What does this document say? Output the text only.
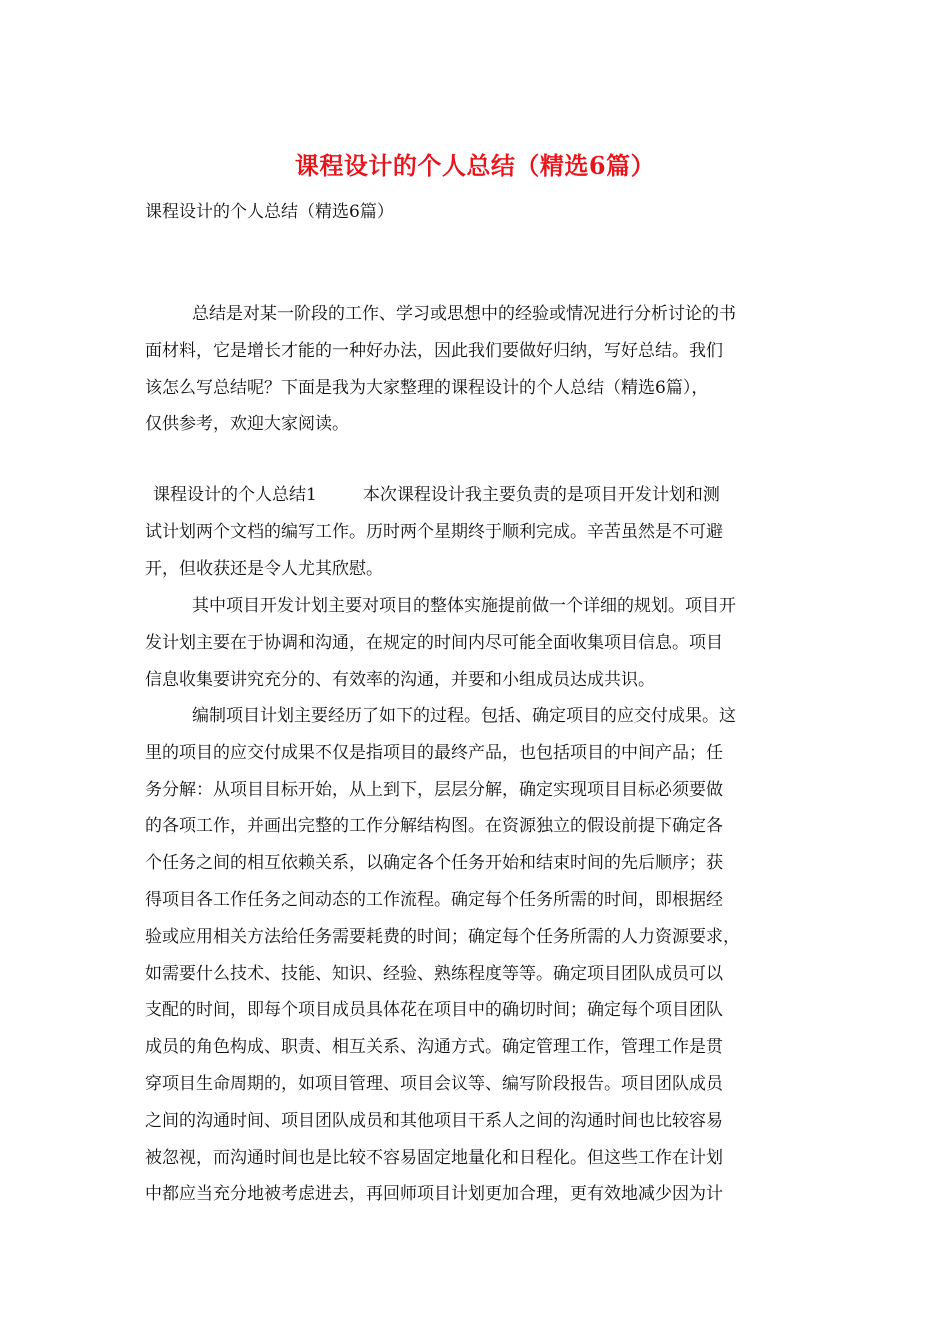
课程设计的个人总结（精选6篇）
课程设计的个人总结（精选6篇）
总结是对某一阶段的工作、学习或思想中的经验或情况进行分析讨论的书
面材料，它是增长才能的一种好办法，因此我们要做好归纳，写好总结。我们
该怎么写总结呢？下面是我为大家整理的课程设计的个人总结（精选6篇），
仅供参考，欢迎大家阅读。
课程设计的个人总结1	本次课程设计我主要负责的是项目开发计划和测
试计划两个文档的编写工作。历时两个星期终于顺利完成。辛苦虽然是不可避
开，但收获还是令人尤其欣慰。
其中项目开发计划主要对项目的整体实施提前做一个详细的规划。项目开
发计划主要在于协调和沟通，在规定的时间内尽可能全面收集项目信息。项目
信息收集要讲究充分的、有效率的沟通，并要和小组成员达成共识。
编制项目计划主要经历了如下的过程。包括、确定项目的应交付成果。这
里的项目的应交付成果不仅是指项目的最终产品，也包括项目的中间产品；任
务分解：从项目目标开始，从上到下，层层分解，确定实现项目目标必须要做
的各项工作，并画出完整的工作分解结构图。在资源独立的假设前提下确定各
个任务之间的相互依赖关系，以确定各个任务开始和结束时间的先后顺序；获
得项目各工作任务之间动态的工作流程。确定每个任务所需的时间，即根据经
验或应用相关方法给任务需要耗费的时间；确定每个任务所需的人力资源要求，
如需要什么技术、技能、知识、经验、熟练程度等等。确定项目团队成员可以
支配的时间，即每个项目成员具体花在项目中的确切时间；确定每个项目团队
成员的角色构成、职责、相互关系、沟通方式。确定管理工作，管理工作是贯
穿项目生命周期的，如项目管理、项目会议等、编写阶段报告。项目团队成员
之间的沟通时间、项目团队成员和其他项目干系人之间的沟通时间也比较容易
被忽视，而沟通时间也是比较不容易固定地量化和日程化。但这些工作在计划
中都应当充分地被考虑进去，再回师项目计划更加合理，更有效地减少因为计
